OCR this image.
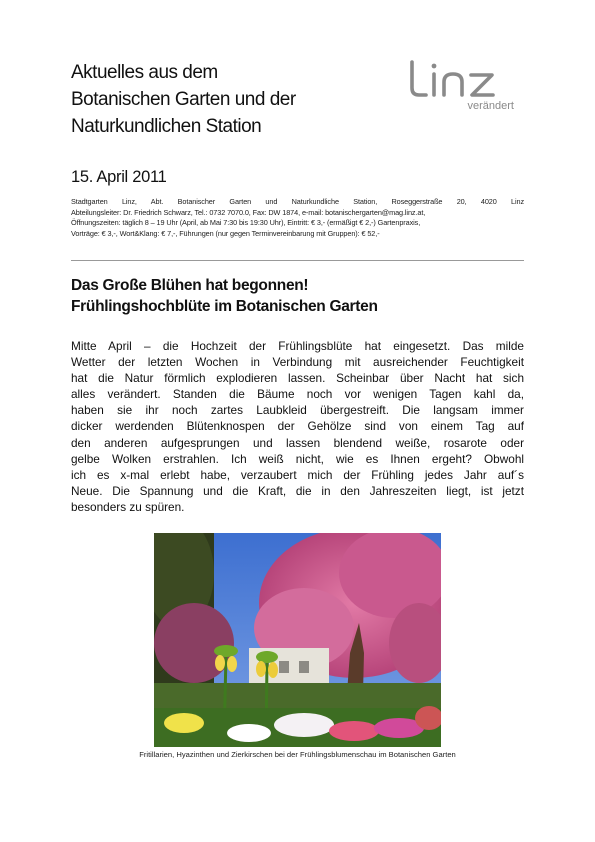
Aktuelles aus dem
Botanischen Garten und der
Naturkundlichen Station
verändert
15. April 2011
Stadtgarten Linz, Abt. Botanischer Garten und Naturkundliche Station, Roseggerstraße 20, 4020 Linz
Abteilungsleiter: Dr. Friedrich Schwarz, Tel.: 0732 7070.0, Fax: DW 1874, e-mail: botanischergarten@mag.linz.at,
Öffnungszeiten: täglich 8 – 19 Uhr (April, ab Mai 7:30 bis 19:30 Uhr), Eintritt: € 3,- (ermäßigt € 2,-) Gartenpraxis,
Vorträge: € 3,-, Wort&Klang: € 7,-, Führungen (nur gegen Terminvereinbarung mit Gruppen): € 52,-
Das Große Blühen hat begonnen!
Frühlingshochblüte im Botanischen Garten
Mitte April – die Hochzeit der Frühlingsblüte hat eingesetzt. Das milde
Wetter der letzten Wochen in Verbindung mit ausreichender Feuchtigkeit
hat die Natur förmlich explodieren lassen. Scheinbar über Nacht hat sich
alles verändert. Standen die Bäume noch vor wenigen Tagen kahl da,
haben sie ihr noch zartes Laubkleid übergestreift. Die langsam immer
dicker werdenden Blütenknospen der Gehölze sind von einem Tag auf
den anderen aufgesprungen und lassen blendend weiße, rosarote oder
gelbe Wolken erstrahlen. Ich weiß nicht, wie es Ihnen ergeht? Obwohl
ich es x-mal erlebt habe, verzaubert mich der Frühling jedes Jahr auf´s
Neue. Die Spannung und die Kraft, die in den Jahreszeiten liegt, ist jetzt
besonders zu spüren.
Fritillarien, Hyazinthen und Zierkirschen bei der Frühlingsblumenschau im Botanischen Garten
